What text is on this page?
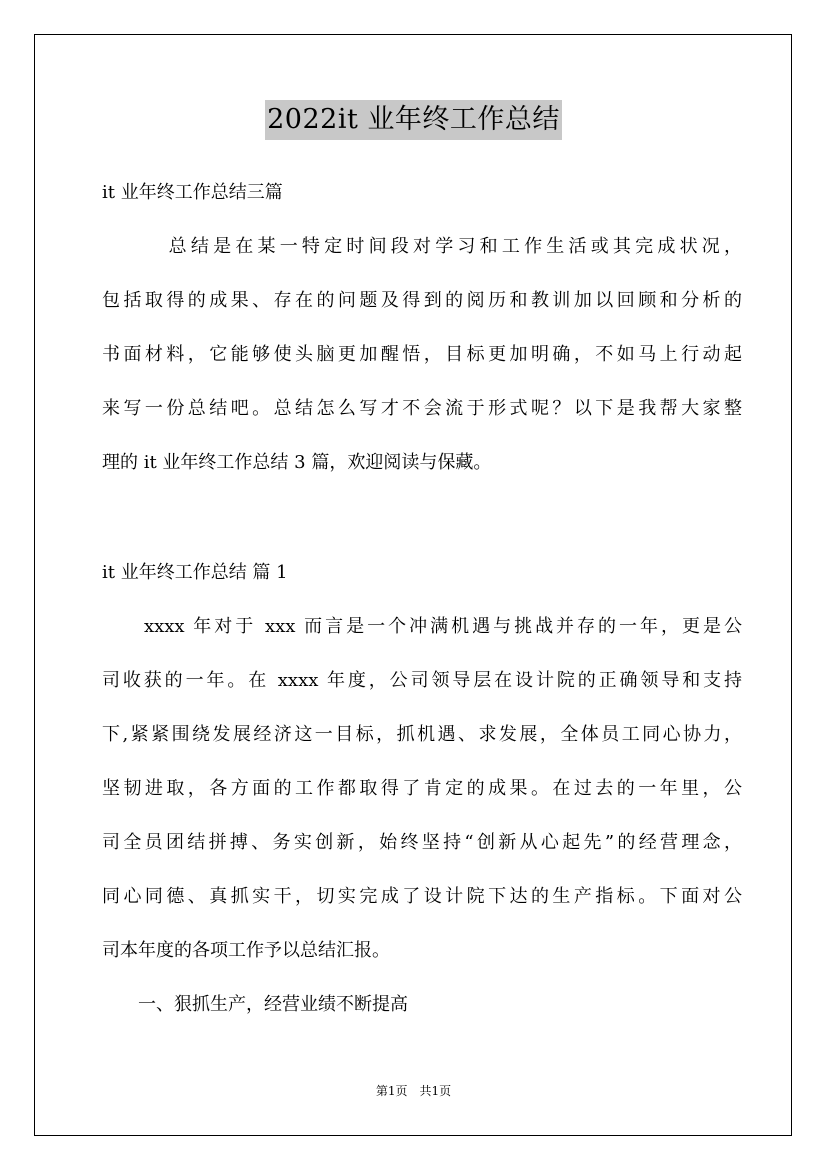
2022it 业年终工作总结
it 业年终工作总结三篇
　　　总结是在某一特定时间段对学习和工作生活或其完成状况，
包括取得的成果、存在的问题及得到的阅历和教训加以回顾和分析的
书面材料，它能够使头脑更加醒悟，目标更加明确，不如马上行动起
来写一份总结吧。总结怎么写才不会流于形式呢？以下是我帮大家整
理的 it 业年终工作总结 3 篇，欢迎阅读与保藏。
it 业年终工作总结 篇 1
　　xxxx 年对于 xxx 而言是一个冲满机遇与挑战并存的一年，更是公
司收获的一年。在 xxxx 年度，公司领导层在设计院的正确领导和支持
下,紧紧围绕发展经济这一目标，抓机遇、求发展，全体员工同心协力，
坚韧进取，各方面的工作都取得了肯定的成果。在过去的一年里，公
司全员团结拼搏、务实创新，始终坚持“创新从心起先”的经营理念，
同心同德、真抓实干，切实完成了设计院下达的生产指标。下面对公
司本年度的各项工作予以总结汇报。
　　一、狠抓生产，经营业绩不断提高
第1页　共1页
